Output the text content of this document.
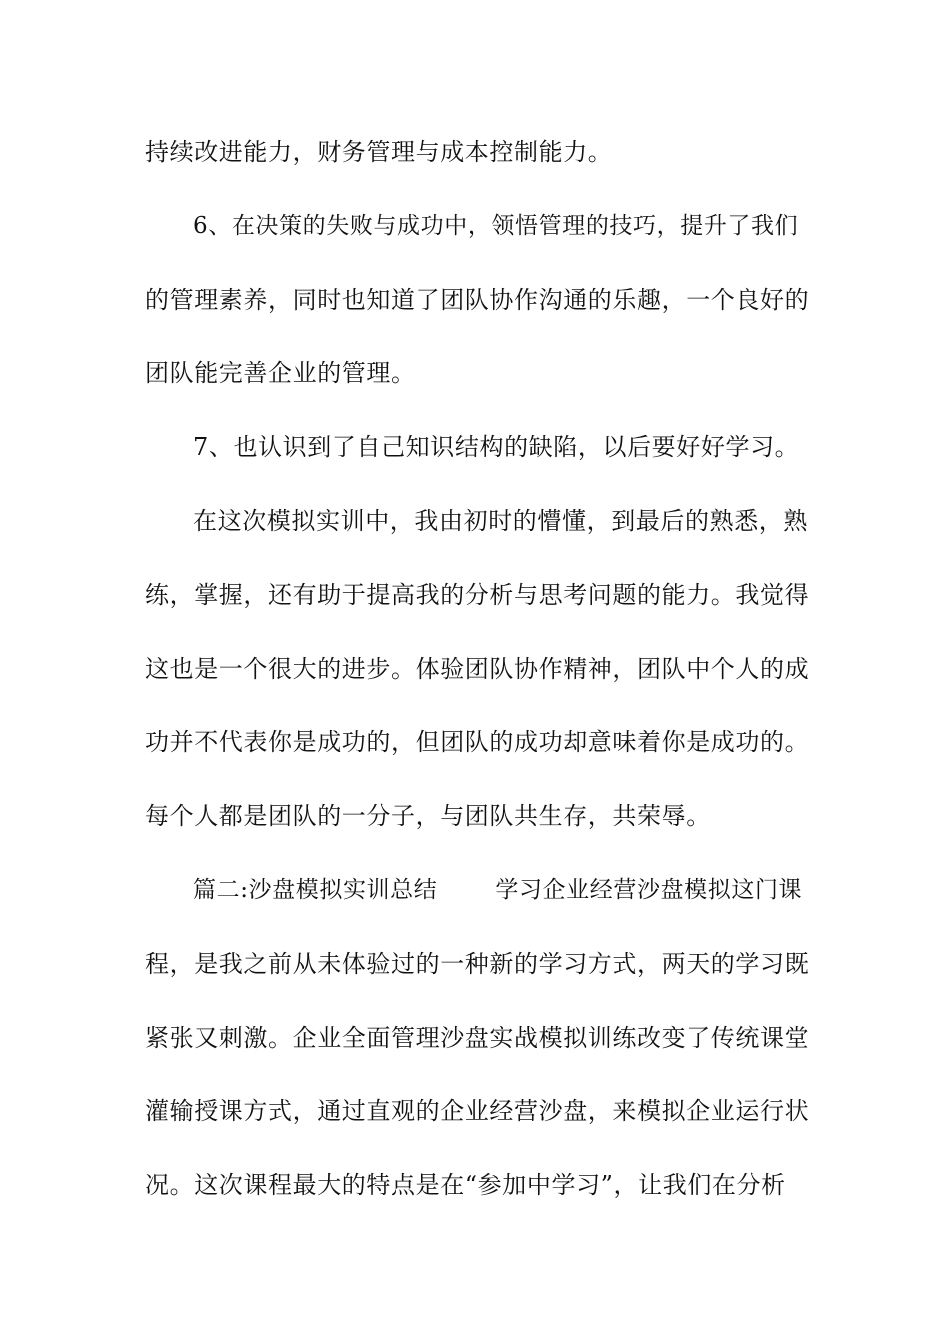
持续改进能力，财务管理与成本控制能力。
6、在决策的失败与成功中，领悟管理的技巧，提升了我们
的管理素养，同时也知道了团队协作沟通的乐趣，一个良好的
团队能完善企业的管理。
7、也认识到了自己知识结构的缺陷，以后要好好学习。
在这次模拟实训中，我由初时的懵懂，到最后的熟悉，熟
练，掌握，还有助于提高我的分析与思考问题的能力。我觉得
这也是一个很大的进步。体验团队协作精神，团队中个人的成
功并不代表你是成功的，但团队的成功却意味着你是成功的。
每个人都是团队的一分子，与团队共生存，共荣辱。
篇二:沙盘模拟实训总结	学习企业经营沙盘模拟这门课
程，是我之前从未体验过的一种新的学习方式，两天的学习既
紧张又刺激。企业全面管理沙盘实战模拟训练改变了传统课堂
灌输授课方式，通过直观的企业经营沙盘，来模拟企业运行状
况。这次课程最大的特点是在“参加中学习”，让我们在分析
